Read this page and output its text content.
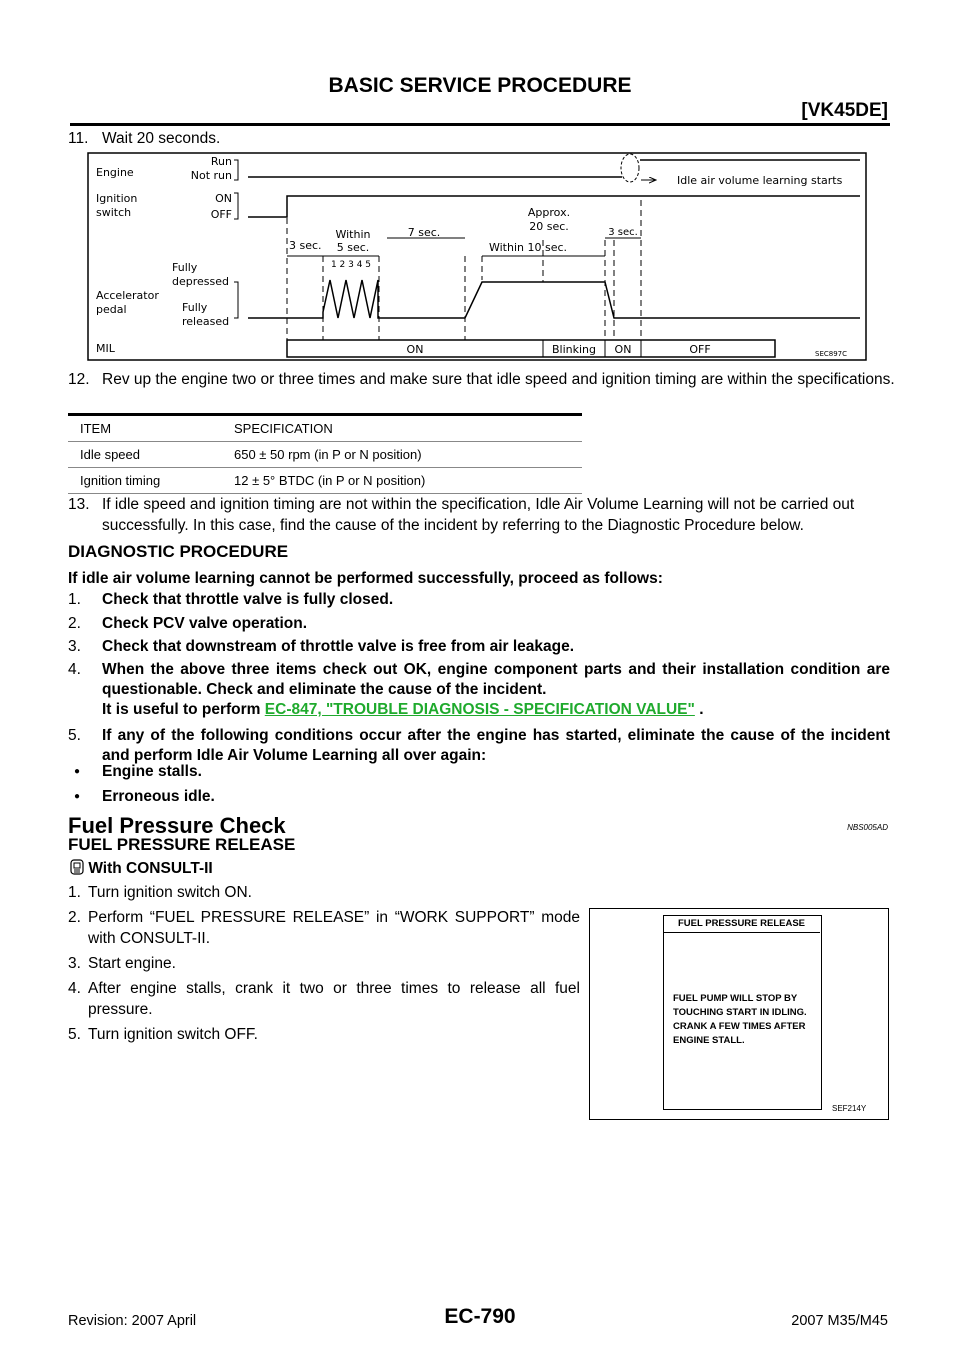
BASIC SERVICE PROCEDURE
[VK45DE]
11. Wait 20 seconds.
Engine
Run
Not run
Ignition
switch
ON
OFF
Fully
depressed
Accelerator
pedal	Fully
released
MIL
Idle air volume learning starts
3 sec.
Within
5 sec.
7 sec.
Approx.
20 sec.
Within 10 sec.
3 sec.
1 2 3 4 5
ON	Blinking ON	OFF	SEC897C
12. Rev up the engine two or three times and make sure that idle speed and ignition timing are within the specifications.
ITEM	SPECIFICATION
Idle speed	650 ± 50 rpm (in P or N position)
Ignition timing	12 ± 5° BTDC (in P or N position)
13. If idle speed and ignition timing are not within the specification, Idle Air Volume Learning will not be carried out successfully. In this case, find the cause of the incident by referring to the Diagnostic Procedure below.
DIAGNOSTIC PROCEDURE
If idle air volume learning cannot be performed successfully, proceed as follows:
1. Check that throttle valve is fully closed.
2. Check PCV valve operation.
3. Check that downstream of throttle valve is free from air leakage.
4. When the above three items check out OK, engine component parts and their installation condition are questionable. Check and eliminate the cause of the incident.
It is useful to perform EC-847, "TROUBLE DIAGNOSIS - SPECIFICATION VALUE" .
5. If any of the following conditions occur after the engine has started, eliminate the cause of the incident and perform Idle Air Volume Learning all over again:
● Engine stalls.
● Erroneous idle.
Fuel Pressure Check	NBS005AD
FUEL PRESSURE RELEASE
With CONSULT-II
1. Turn ignition switch ON.
2. Perform “FUEL PRESSURE RELEASE” in “WORK SUPPORT” mode with CONSULT-II.
3. Start engine.
4. After engine stalls, crank it two or three times to release all fuel pressure.
5. Turn ignition switch OFF.
FUEL PRESSURE RELEASE
FUEL PUMP WILL STOP BY
TOUCHING START IN IDLING.
CRANK A FEW TIMES AFTER
ENGINE STALL.
SEF214Y
EC-790
Revision: 2007 April	2007 M35/M45
